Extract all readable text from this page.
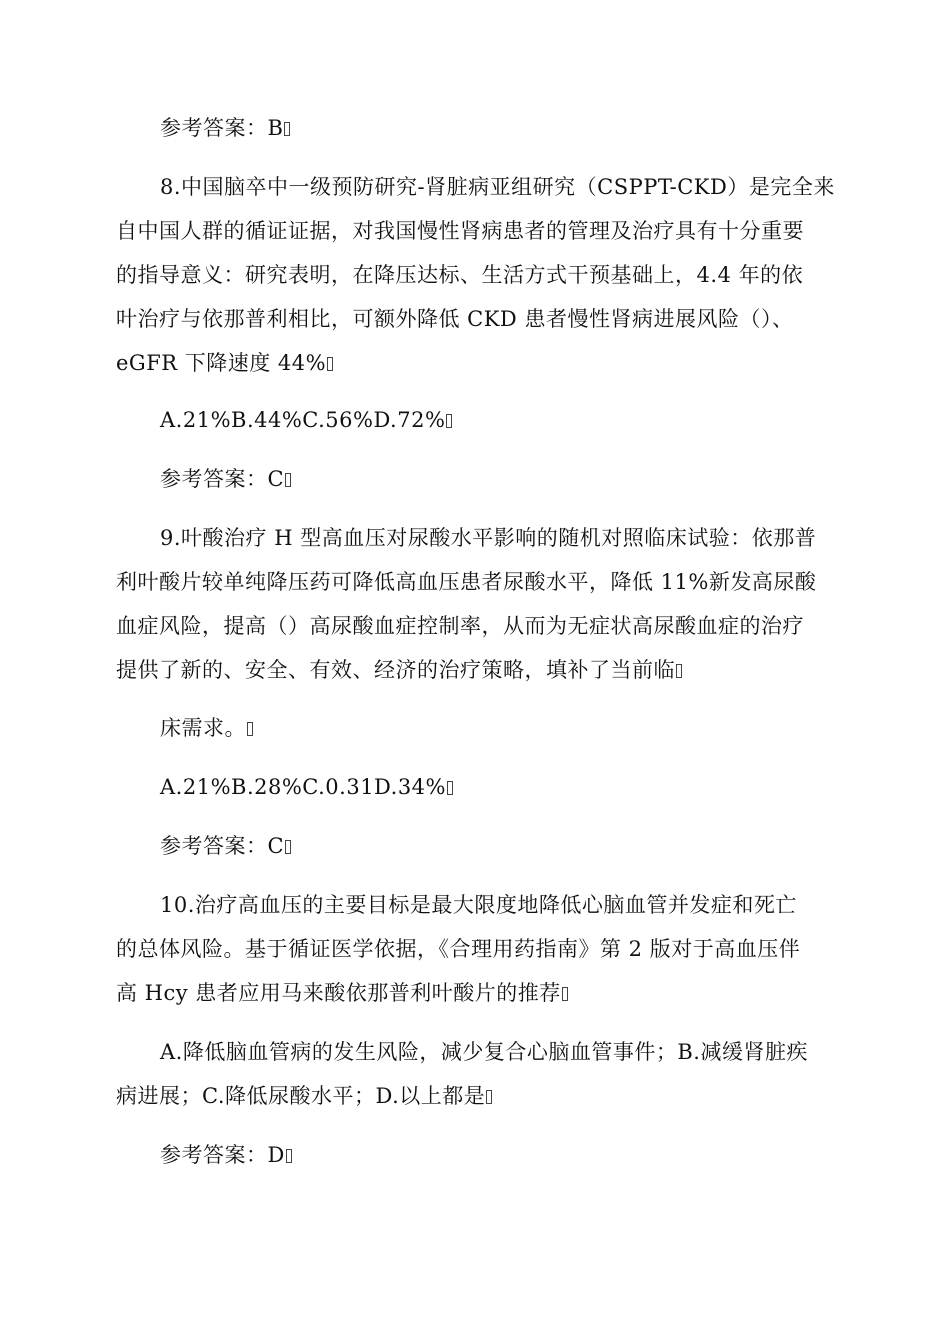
参考答案：B

8.中国脑卒中一级预防研究-肾脏病亚组研究（CSPPT-CKD）是完全来
自中国人群的循证证据，对我国慢性肾病患者的管理及治疗具有十分重要
的指导意义：研究表明，在降压达标、生活方式干预基础上，4.4 年的依
叶治疗与依那普利相比，可额外降低 CKD 患者慢性肾病进展风险（）、
eGFR 下降速度 44%

A.21%B.44%C.56%D.72%

参考答案：C

9.叶酸治疗 H 型高血压对尿酸水平影响的随机对照临床试验：依那普
利叶酸片较单纯降压药可降低高血压患者尿酸水平，降低 11%新发高尿酸
血症风险，提高（）高尿酸血症控制率，从而为无症状高尿酸血症的治疗
提供了新的、安全、有效、经济的治疗策略，填补了当前临

床需求。

A.21%B.28%C.0.31D.34%

参考答案：C

10.治疗高血压的主要目标是最大限度地降低心脑血管并发症和死亡
的总体风险。基于循证医学依据，《合理用药指南》第 2 版对于高血压伴
高 Hcy 患者应用马来酸依那普利叶酸片的推荐

A.降低脑血管病的发生风险，减少复合心脑血管事件；B.减缓肾脏疾
病进展；C.降低尿酸水平；D.以上都是

参考答案：D
